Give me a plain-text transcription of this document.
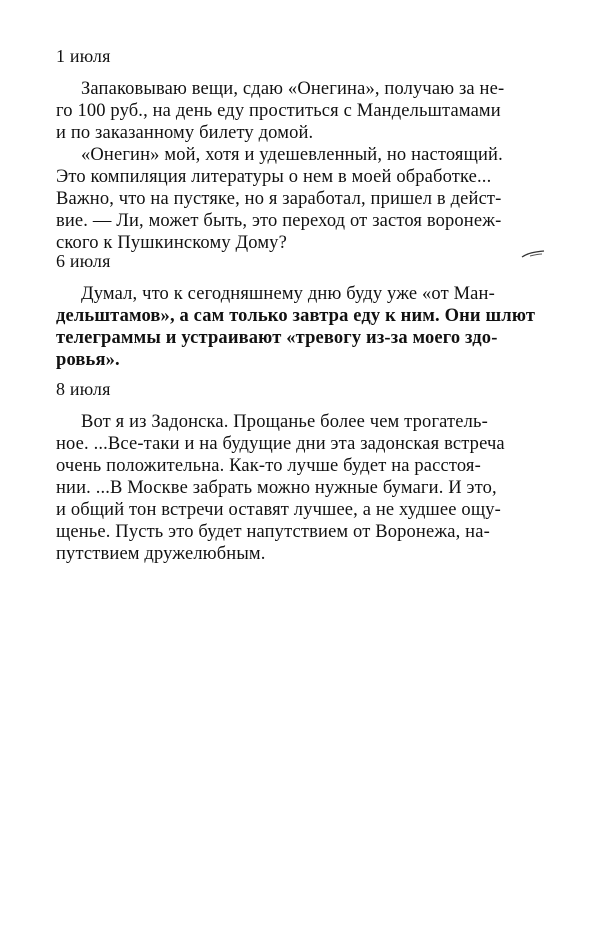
1 июля
Запаковываю вещи, сдаю «Онегина», получаю за не-
го 100 руб., на день еду проститься с Мандельштамами
и по заказанному билету домой.
«Онегин» мой, хотя и удешевленный, но настоящий.
Это компиляция литературы о нем в моей обработке...
Важно, что на пустяке, но я заработал, пришел в дейст-
вие. — Ли, может быть, это переход от застоя воронеж-
ского к Пушкинскому Дому?
6 июля
Думал, что к сегодняшнему дню буду уже «от Ман-
дельштамов», а сам только завтра еду к ним. Они шлют
телеграммы и устраивают «тревогу из-за моего здо-
ровья».
8 июля
Вот я из Задонска. Прощанье более чем трогатель-
ное. ...Все-таки и на будущие дни эта задонская встреча
очень положительна. Как-то лучше будет на расстоя-
нии. ...В Москве забрать можно нужные бумаги. И это,
и общий тон встречи оставят лучшее, а не худшее ощу-
щенье. Пусть это будет напутствием от Воронежа, на-
путствием дружелюбным.
